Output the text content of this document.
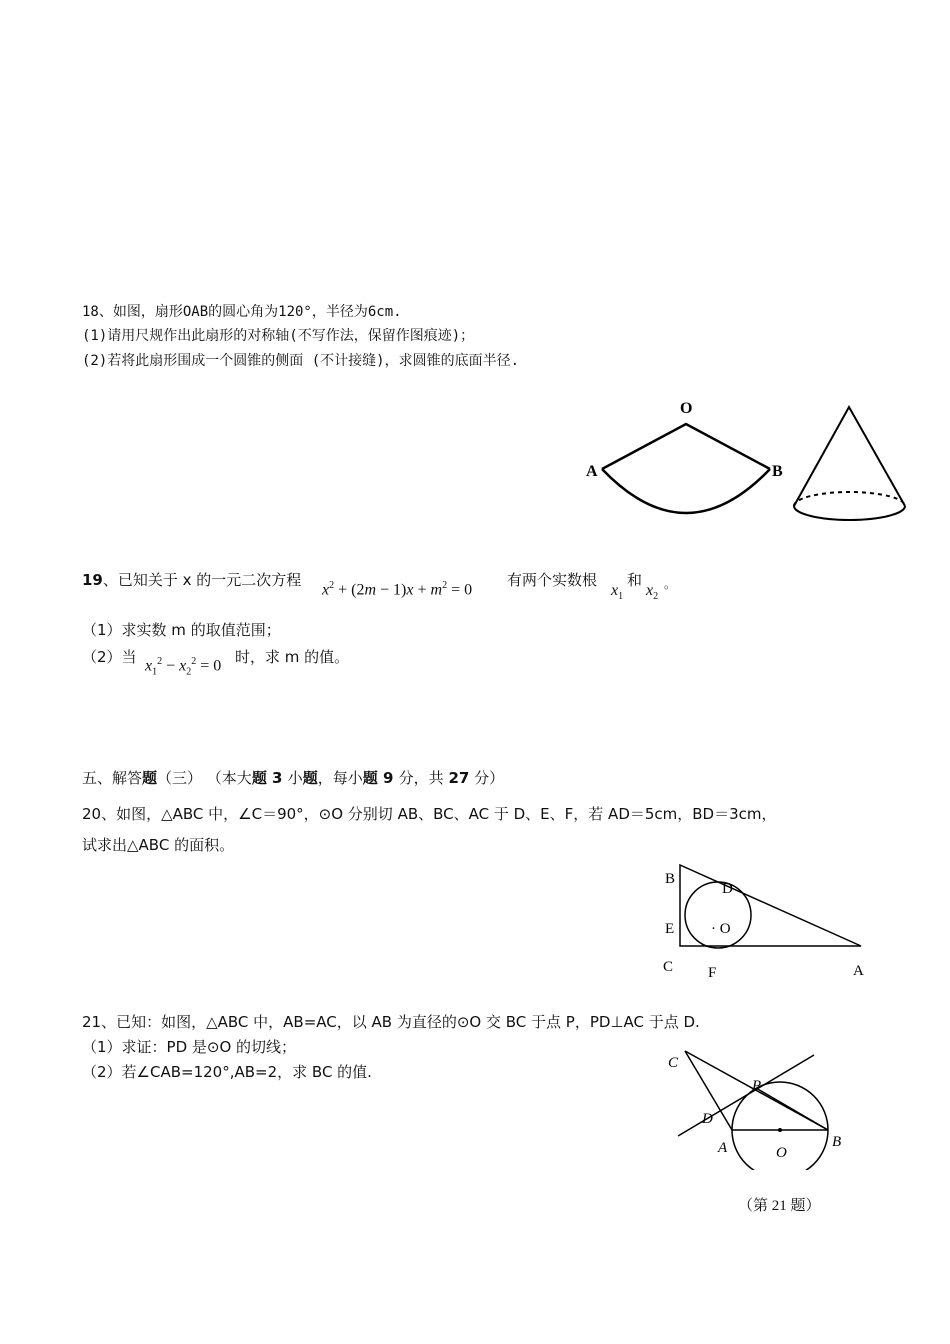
18、如图，扇形OAB的圆心角为120°，半径为6cm.
(1)请用尺规作出此扇形的对称轴(不写作法，保留作图痕迹)；
(2)若将此扇形围成一个圆锥的侧面 (不计接缝)，求圆锥的底面半径.
O
A	B
19、已知关于 x 的一元二次方程
$x^2 + (2m - 1)x + m^2 = 0$
有两个实数根
$x_1$
和
$x_2$
。
（1）求实数 m 的取值范围；
（2）当 $x_1^2 - x_2^2 = 0$ 时，求 m 的值。
五、解答题（三） （本大题 3 小题，每小题 9 分，共 27 分）
20、如图，△ABC 中，∠C＝90°，⊙O 分别切 AB、BC、AC 于 D、E、F，若 AD＝5cm，BD＝3cm，
试求出△ABC 的面积。
B
D
E · O
C F	A
21、已知：如图，△ABC 中，AB=AC，以 AB 为直径的⊙O 交 BC 于点 P，PD⊥AC 于点 D.
（1）求证：PD 是⊙O 的切线；
（2）若∠CAB=120°,AB=2，求 BC 的值.	C
P
D
A	O
B
（第 21 题）
